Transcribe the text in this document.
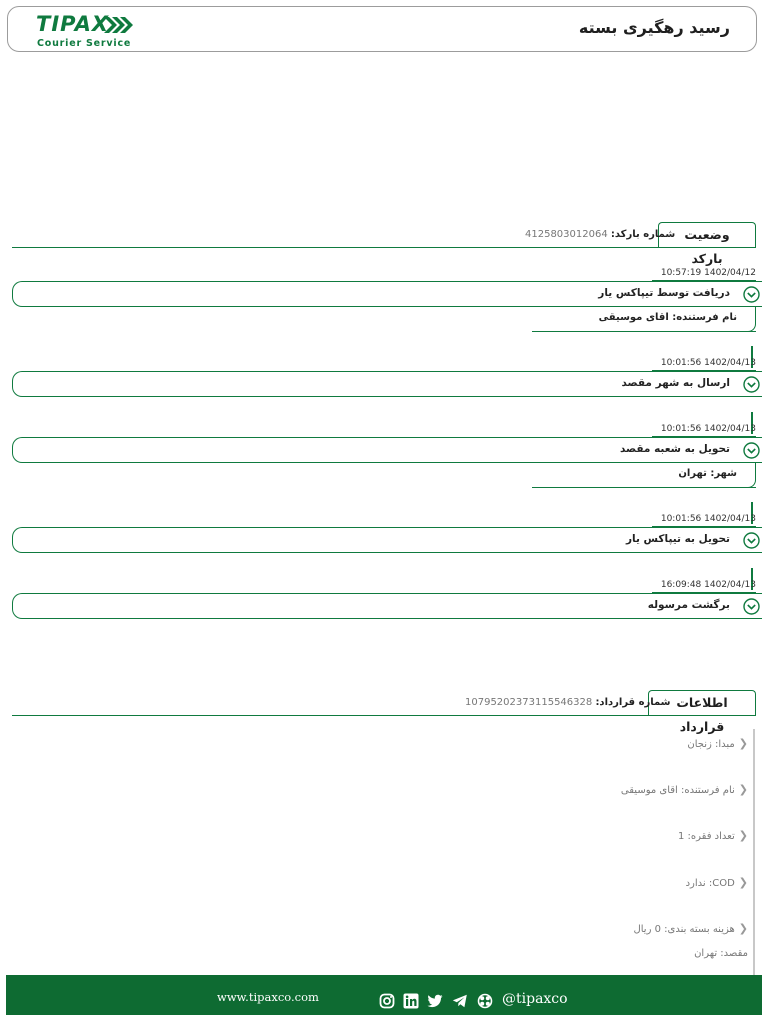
TIPAX
Courier Service
رسید رهگیری بسته
وضعیت بارکد
شماره بارکد: 4125803012064
10:57:19 1402/04/12
دریافت توسط تیپاکس یار
نام فرستنده: اقای موسیقی
10:01:56 1402/04/13
ارسال به شهر مقصد
10:01:56 1402/04/13
تحویل به شعبه مقصد
شهر: تهران
10:01:56 1402/04/13
تحویل به تیپاکس یار
16:09:48 1402/04/13
برگشت مرسوله
اطلاعات قرارداد
شماره قرارداد: 10795202373115546328
❮مبدا: زنجان
❮نام فرستنده: اقای موسیقی
❮تعداد فقره: 1
❮COD: ندارد
❮هزینه بسته بندی: 0 ریال
مقصد: تهران
www.tipaxco.com	@tipaxco
